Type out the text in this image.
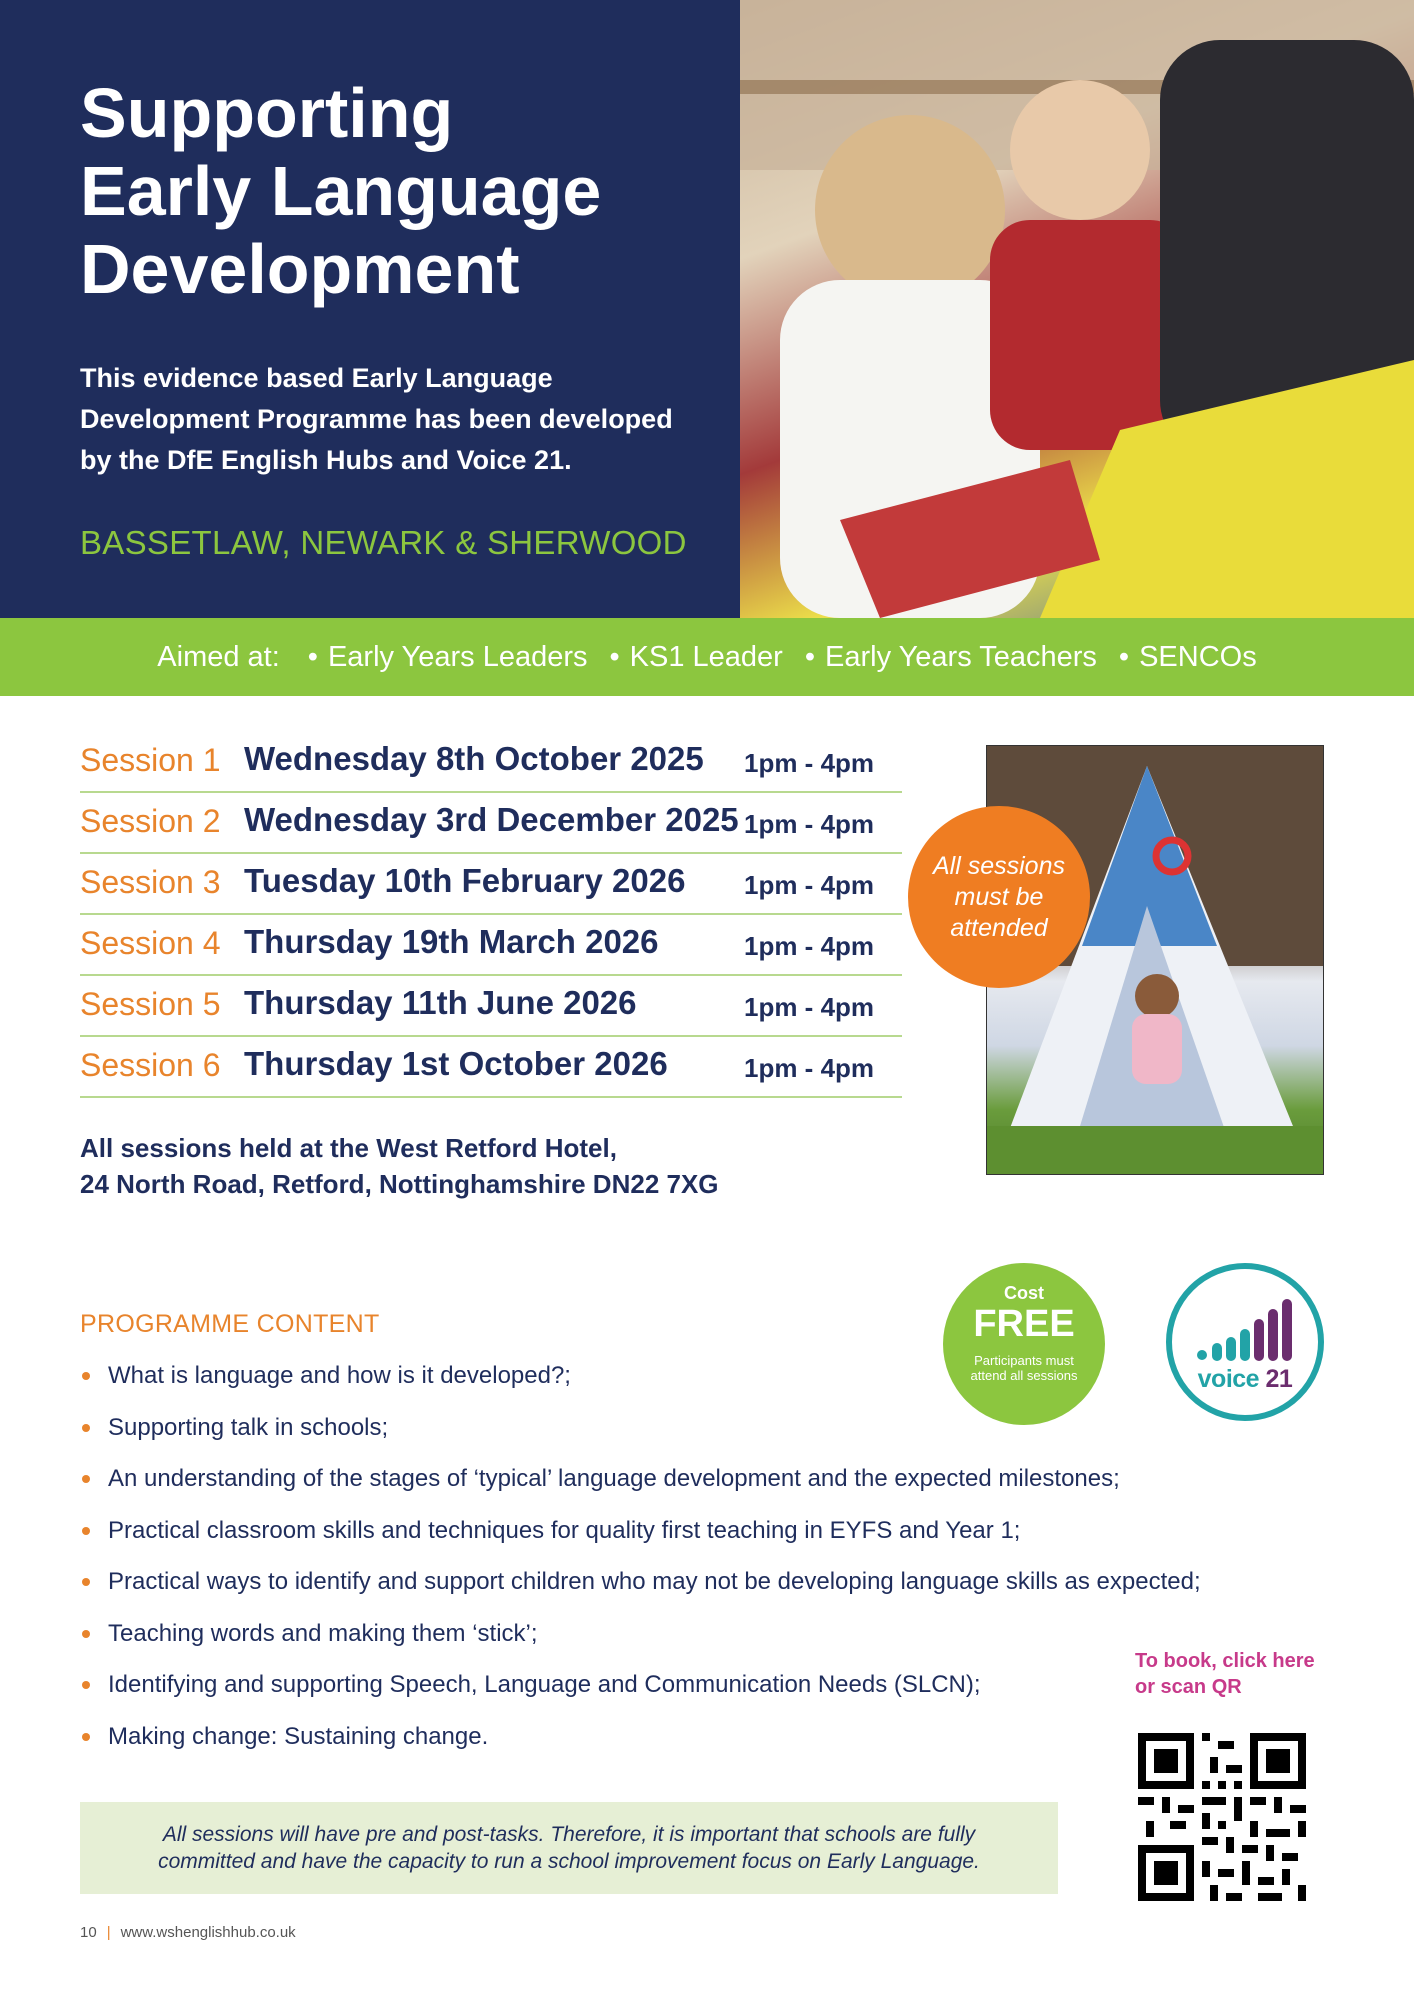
Supporting
Early Language
Development

This evidence based Early Language Development Programme has been developed by the DfE English Hubs and Voice 21.

BASSETLAW, NEWARK & SHERWOOD
Aimed at:	• Early Years Leaders	• KS1 Leader	• Early Years Teachers	• SENCOs
Session 1 Wednesday 8th October 2025 1pm - 4pm
Session 2 Wednesday 3rd December 2025 1pm - 4pm
Session 3 Tuesday 10th February 2026 1pm - 4pm
Session 4 Thursday 19th March 2026	1pm - 4pm
Session 5 Thursday 11th June 2026	1pm - 4pm
Session 6 Thursday 1st October 2026	1pm - 4pm

All sessions held at the West Retford Hotel,
24 North Road, Retford, Nottinghamshire DN22 7XG

All sessions must be attended
Cost
FREE
Participants must attend all sessions	voice 21
PROGRAMME CONTENT
What is language and how is it developed?;
Supporting talk in schools;
An understanding of the stages of ‘typical’ language development and the expected milestones;
Practical classroom skills and techniques for quality first teaching in EYFS and Year 1;
Practical ways to identify and support children who may not be developing language skills as expected;
Teaching words and making them ‘stick’;
Identifying and supporting Speech, Language and Communication Needs (SLCN);
Making change: Sustaining change.

To book, click here
or scan QR

All sessions will have pre and post-tasks. Therefore, it is important that schools are fully committed and have the capacity to run a school improvement focus on Early Language.

10 | www.wshenglishhub.co.uk
